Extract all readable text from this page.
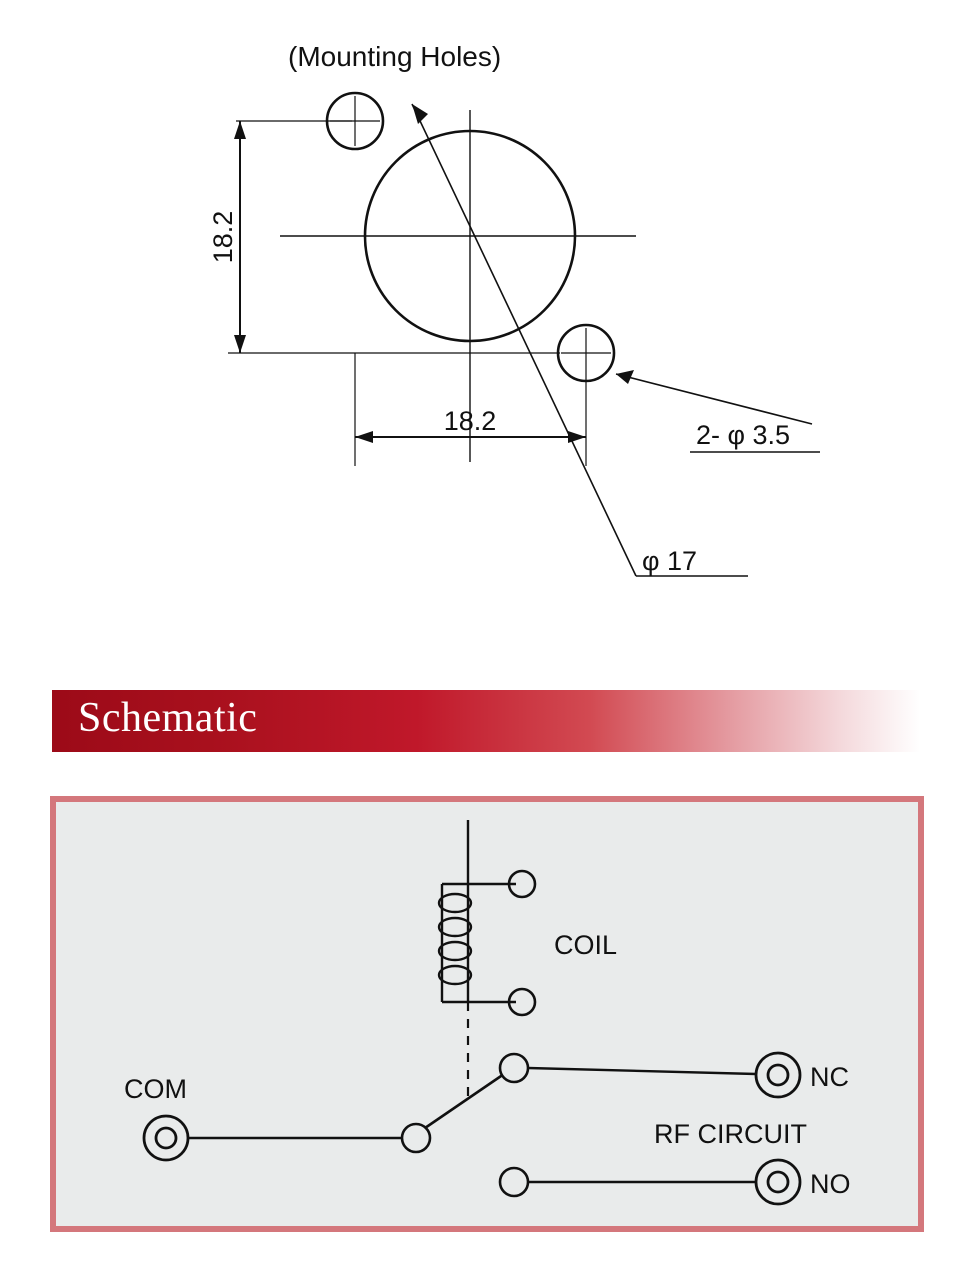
(Mounting Holes)
18.2
18.2	2- φ 3.5
φ 17
Schematic
COIL
COM	NC
NO
RF CIRCUIT
